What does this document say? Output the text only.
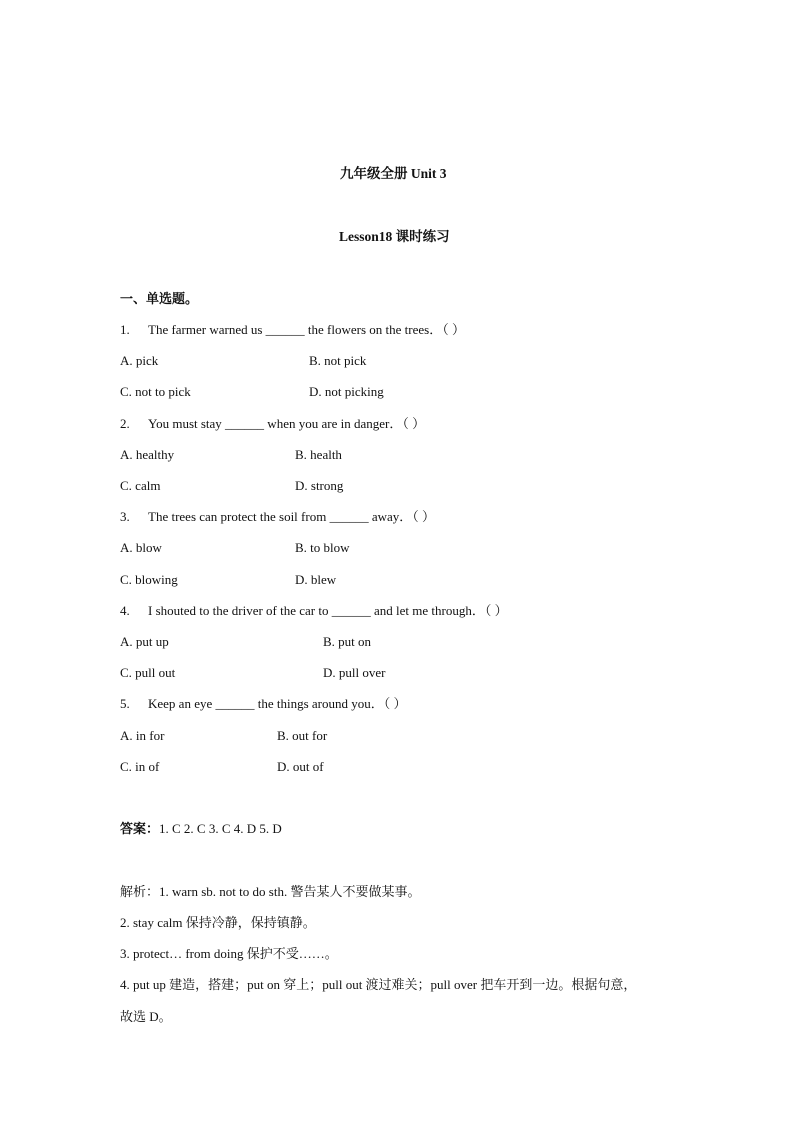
九年级全册 Unit 3
Lesson18 课时练习
一、单选题。
1. The farmer warned us ______ the flowers on the trees．（ ）
A. pick	B. not pick
C. not to pick	D. not picking
2. You must stay ______ when you are in danger．（ ）
A. healthy	B. health
C. calm	D. strong
3. The trees can protect the soil from ______ away．（ ）
A. blow	B. to blow
C. blowing	D. blew
4. I shouted to the driver of the car to ______ and let me through．（ ）
A. put up	B. put on
C. pull out	D. pull over
5. Keep an eye ______ the things around you．（ ）
A. in for	B. out for
C. in of	D. out of
答案：1. C 2. C 3. C 4. D 5. D
解析：1. warn sb. not to do sth. 警告某人不要做某事。
2. stay calm 保持冷静，保持镇静。
3. protect… from doing 保护不受……。
4. put up 建造，搭建；put on 穿上；pull out 渡过难关；pull over 把车开到一边。根据句意，
故选 D。
